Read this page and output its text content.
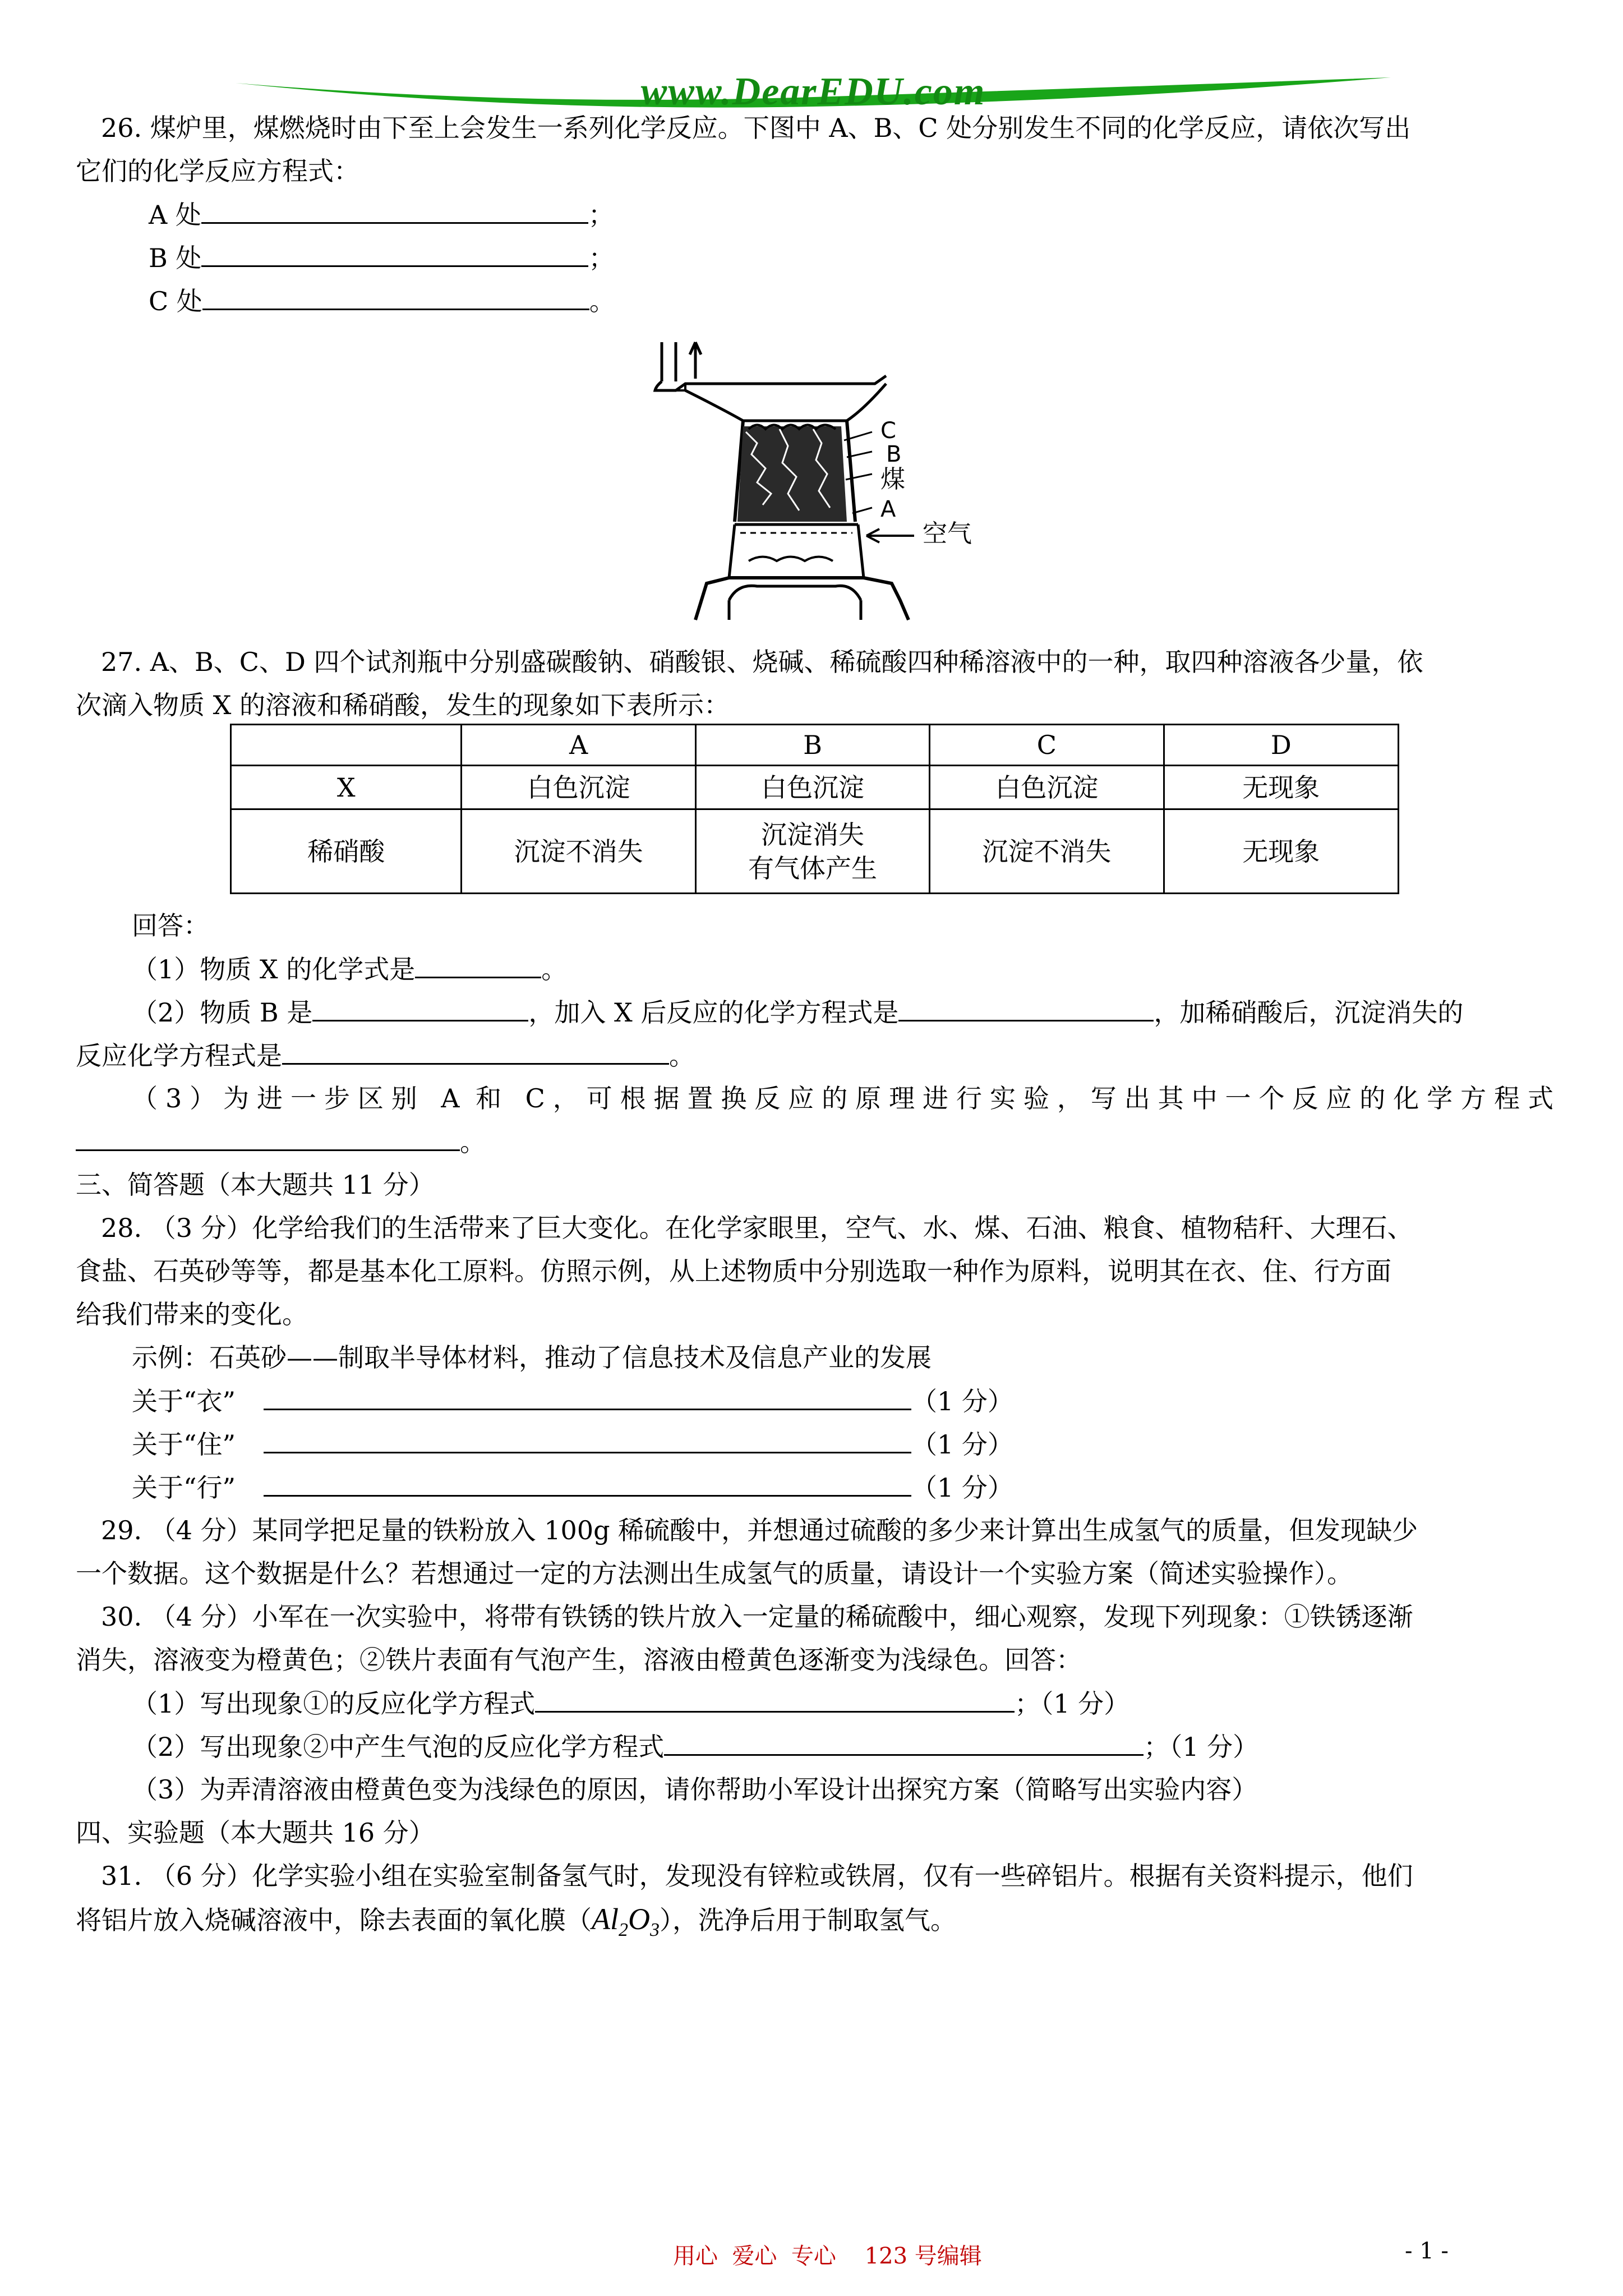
www.DearEDU.com
26. 煤炉里，煤燃烧时由下至上会发生一系列化学反应。下图中 A、B、C 处分别发生不同的化学反应，请依次写出
它们的化学反应方程式：
A 处	；
B 处	；
C 处	。
C
B
煤
A
空气
27. A、B、C、D 四个试剂瓶中分别盛碳酸钠、硝酸银、烧碱、稀硫酸四种稀溶液中的一种，取四种溶液各少量，依
次滴入物质 X 的溶液和稀硝酸，发生的现象如下表所示：
	A	B	C	D
X	白色沉淀	白色沉淀	白色沉淀	无现象
稀硝酸	沉淀不消失	沉淀消失
有气体产生	沉淀不消失	无现象
回答：
（1）物质 X 的化学式是	。
（2）物质 B 是	，加入 X 后反应的化学方程式是	，加稀硝酸后，沉淀消失的
反应化学方程式是	。
（3）为进一步区别 A 和 C，可根据置换反应的原理进行实验，写出其中一个反应的化学方程式
。
三、简答题（本大题共 11 分）
28. （3 分）化学给我们的生活带来了巨大变化。在化学家眼里，空气、水、煤、石油、粮食、植物秸秆、大理石、
食盐、石英砂等等，都是基本化工原料。仿照示例，从上述物质中分别选取一种作为原料，说明其在衣、住、行方面
给我们带来的变化。
示例：石英砂——制取半导体材料，推动了信息技术及信息产业的发展
关于“衣”	（1 分）
关于“住”	（1 分）
关于“行”	（1 分）
29. （4 分）某同学把足量的铁粉放入 100g 稀硫酸中，并想通过硫酸的多少来计算出生成氢气的质量，但发现缺少
一个数据。这个数据是什么？若想通过一定的方法测出生成氢气的质量，请设计一个实验方案（简述实验操作）。
30. （4 分）小军在一次实验中，将带有铁锈的铁片放入一定量的稀硫酸中，细心观察，发现下列现象：①铁锈逐渐
消失，溶液变为橙黄色；②铁片表面有气泡产生，溶液由橙黄色逐渐变为浅绿色。回答：
（1）写出现象①的反应化学方程式	；（1 分）
（2）写出现象②中产生气泡的反应化学方程式	；（1 分）
（3）为弄清溶液由橙黄色变为浅绿色的原因，请你帮助小军设计出探究方案（简略写出实验内容）
四、实验题（本大题共 16 分）
31. （6 分）化学实验小组在实验室制备氢气时，发现没有锌粒或铁屑，仅有一些碎铝片。根据有关资料提示，他们
将铝片放入烧碱溶液中，除去表面的氧化膜$(Al_2O_3)$，洗净后用于制取氢气。
用心  爱心  专心    123 号编辑	- 1 -
